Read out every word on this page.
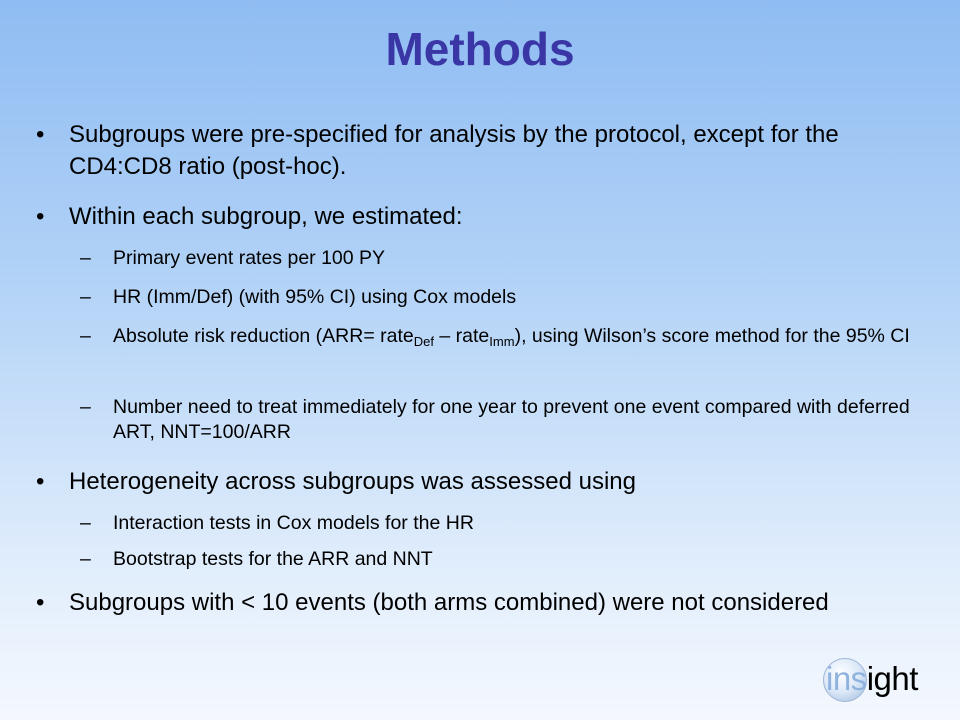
Methods
•	Subgroups were pre-specified for analysis by the protocol, except for the CD4:CD8 ratio (post-hoc).
•	Within each subgroup, we estimated:
–	Primary event rates per 100 PY
–	HR (Imm/Def) (with 95% CI) using Cox models
–	Absolute risk reduction (ARR= rate$_{Def}$ – rate$_{Imm}$), using Wilson’s score method for the 95% CI
–	Number need to treat immediately for one year to prevent one event compared with deferred ART, NNT=100/ARR
•	Heterogeneity across subgroups was assessed using
–	Interaction tests in Cox models for the HR
–	Bootstrap tests for the ARR and NNT
•	Subgroups with < 10 events (both arms combined) were not considered
insight
